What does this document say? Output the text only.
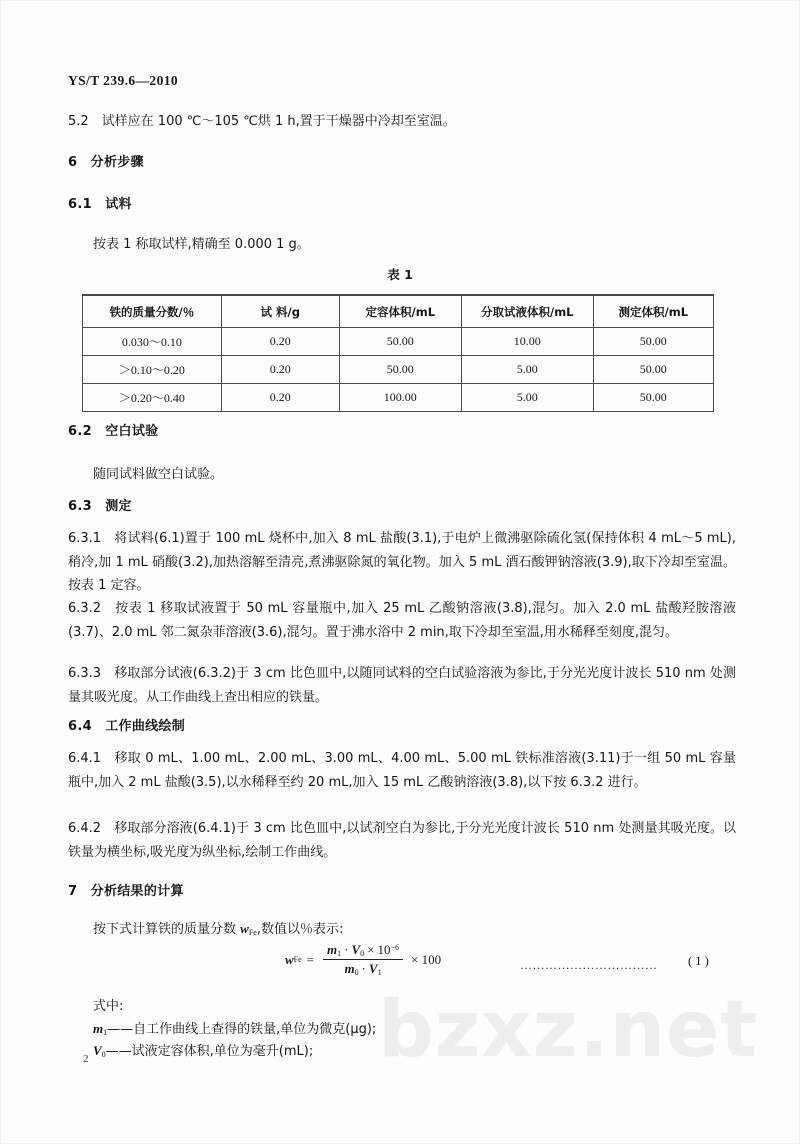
bzxz.net
YS/T 239.6—2010
5.2　试样应在 100 ℃～105 ℃烘 1 h,置于干燥器中冷却至室温。
6　分析步骤
6.1　试料
按表 1 称取试样,精确至 0.000 1 g。
表 1
铁的质量分数/％	试 料/g	定容体积/mL	分取试液体积/mL	测定体积/mL
0.030～0.10	0.20	50.00	10.00	50.00
＞0.10～0.20	0.20	50.00	5.00	50.00
＞0.20～0.40	0.20	100.00	5.00	50.00
6.2　空白试验
随同试料做空白试验。
6.3　测定
6.3.1　将试料(6.1)置于 100 mL 烧杯中,加入 8 mL 盐酸(3.1),于电炉上微沸驱除硫化氢(保持体积 4 mL～5 mL),稍冷,加 1 mL 硝酸(3.2),加热溶解至清亮,煮沸驱除氮的氧化物。加入 5 mL 酒石酸钾钠溶液(3.9),取下冷却至室温。按表 1 定容。
6.3.2　按表 1 移取试液置于 50 mL 容量瓶中,加入 25 mL 乙酸钠溶液(3.8),混匀。加入 2.0 mL 盐酸羟胺溶液(3.7)、2.0 mL 邻二氮杂菲溶液(3.6),混匀。置于沸水浴中 2 min,取下冷却至室温,用水稀释至刻度,混匀。
6.3.3　移取部分试液(6.3.2)于 3 cm 比色皿中,以随同试料的空白试验溶液为参比,于分光光度计波长 510 nm 处测量其吸光度。从工作曲线上查出相应的铁量。
6.4　工作曲线绘制
6.4.1　移取 0 mL、1.00 mL、2.00 mL、3.00 mL、4.00 mL、5.00 mL 铁标准溶液(3.11)于一组 50 mL 容量瓶中,加入 2 mL 盐酸(3.5),以水稀释至约 20 mL,加入 15 mL 乙酸钠溶液(3.8),以下按 6.3.2 进行。
6.4.2　移取部分溶液(6.4.1)于 3 cm 比色皿中,以试剂空白为参比,于分光光度计波长 510 nm 处测量其吸光度。以铁量为横坐标,吸光度为纵坐标,绘制工作曲线。
7　分析结果的计算
按下式计算铁的质量分数 $w_{Fe}$,数值以％表示:
w $Fe = \frac{m_1 \cdot V_0 \times 10^{-6}}{m_0 \cdot V_1} \times 100$	…………………………… ( 1 )
式中:
$m_1——$自工作曲线上查得的铁量,单位为微克(μg);
$V_0——$试液定容体积,单位为毫升(mL);
2
